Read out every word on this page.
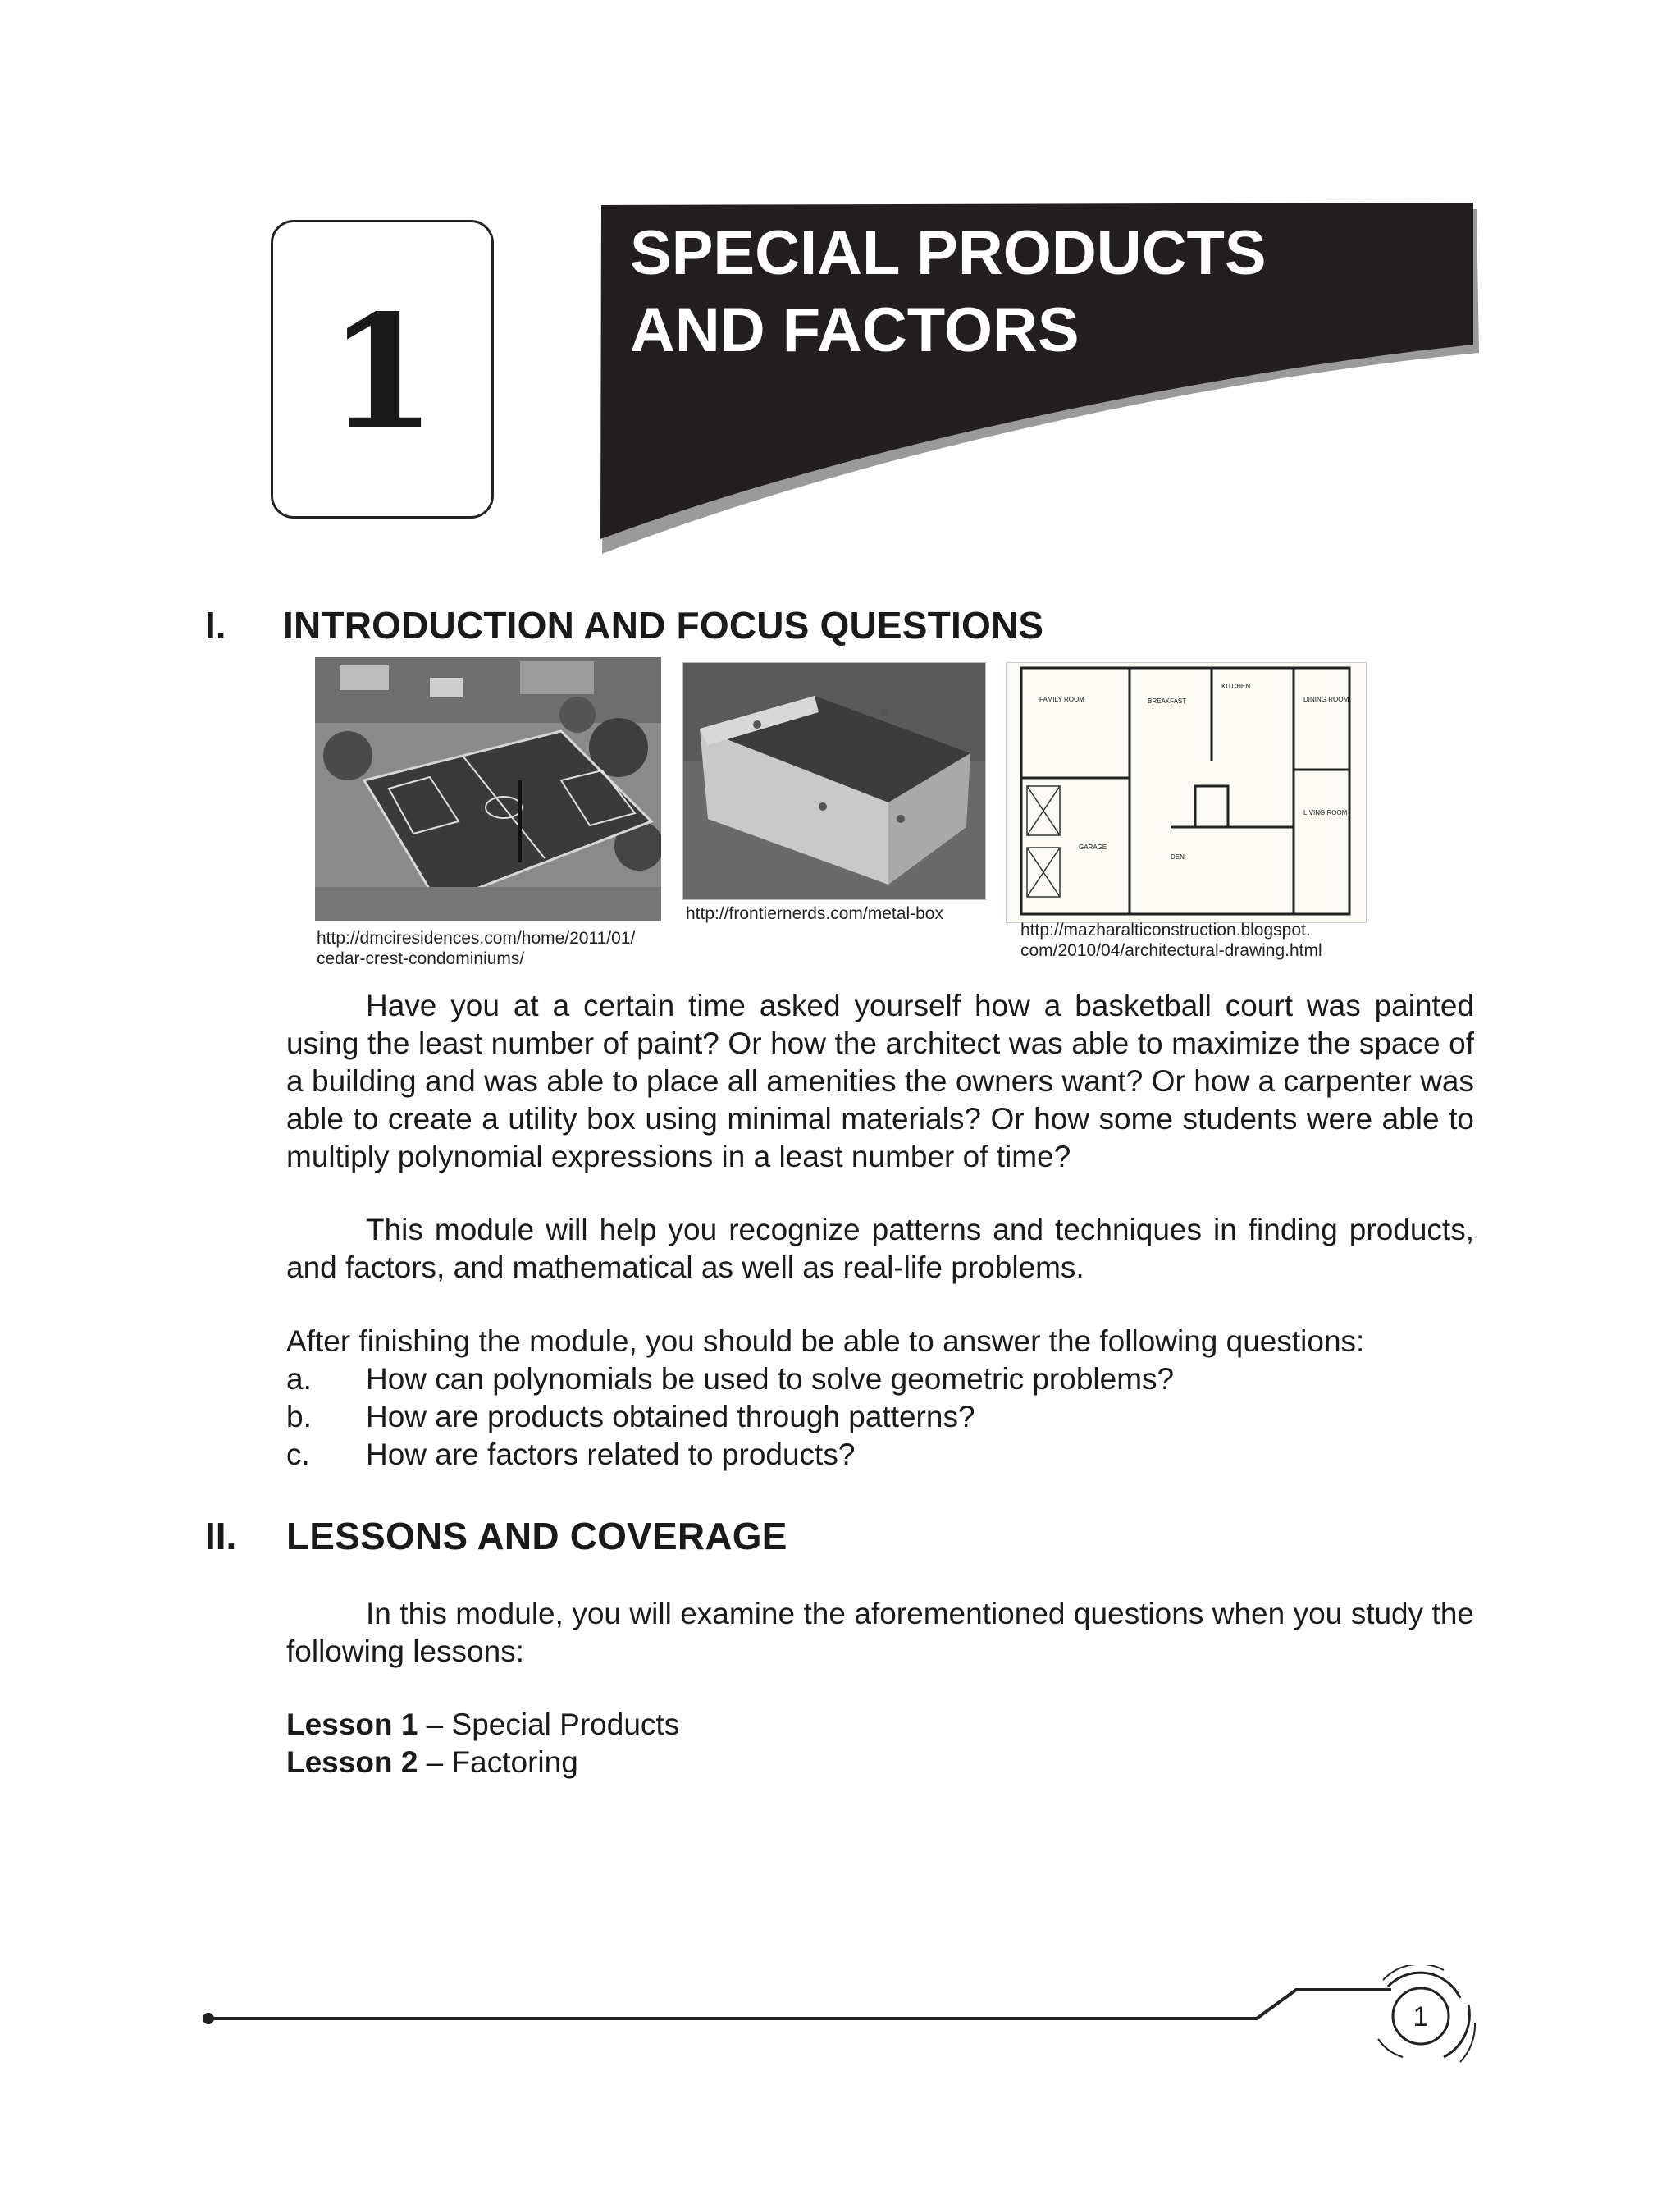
1
SPECIAL PRODUCTS
AND FACTORS
I. INTRODUCTION AND FOCUS QUESTIONS
http://dmciresidences.com/home/2011/01/
cedar-crest-condominiums/
http://frontiernerds.com/metal-box
FAMILY ROOM	BREAKFAST
KITCHEN
DINING ROOM
LIVING ROOM
GARAGE
DEN
http://mazharalticonstruction.blogspot.
com/2010/04/architectural-drawing.html
Have you at a certain time asked yourself how a basketball court was painted using the least number of paint? Or how the architect was able to maximize the space of a building and was able to place all amenities the owners want? Or how a carpenter was able to create a utility box using minimal materials? Or how some students were able to multiply polynomial expressions in a least number of time?
This module will help you recognize patterns and techniques in finding products, and factors, and mathematical as well as real-life problems.
After finishing the module, you should be able to answer the following questions:
a. How can polynomials be used to solve geometric problems?
b. How are products obtained through patterns?
c. How are factors related to products?
II. LESSONS AND COVERAGE
In this module, you will examine the aforementioned questions when you study the following lessons:
Lesson 1 – Special Products
Lesson 2 – Factoring
1
